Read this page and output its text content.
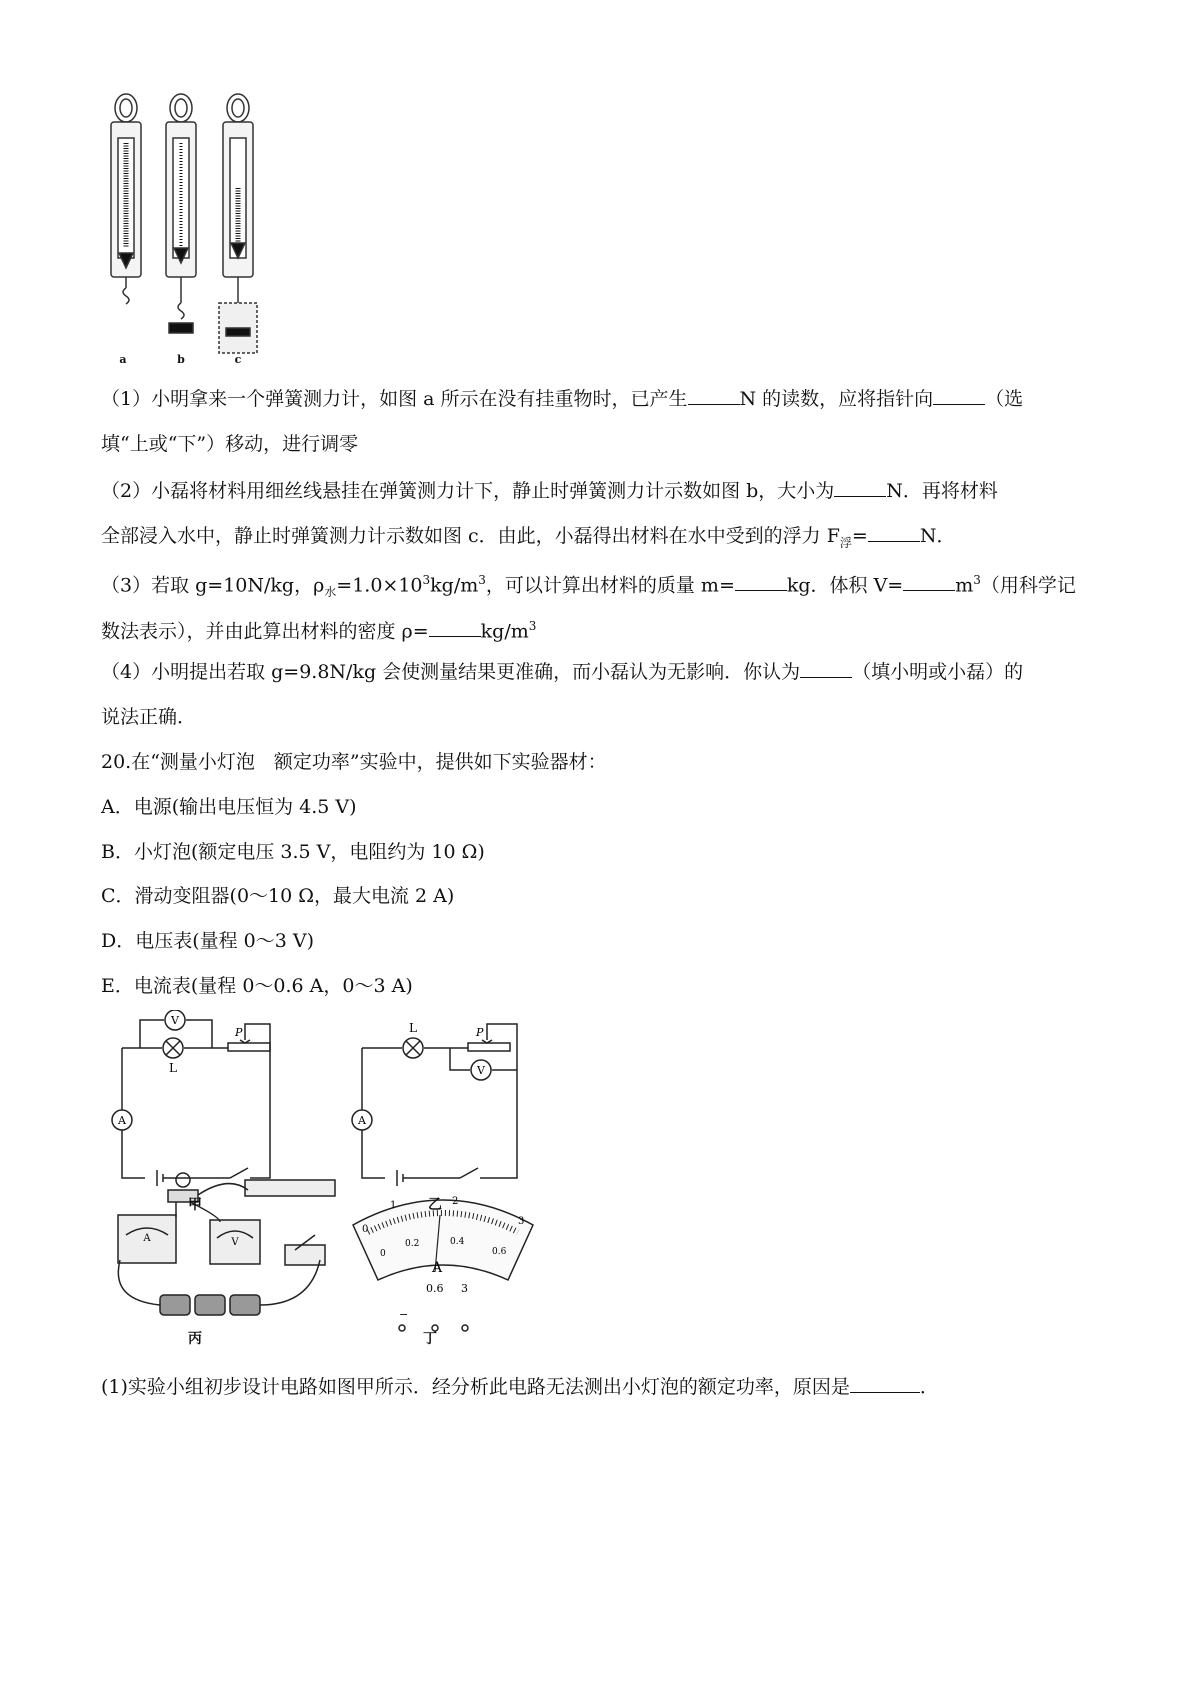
a	b	c
（1）小明拿来一个弹簧测力计，如图 a 所示在没有挂重物时，已产生	N 的读数，应将指针向	（选
填“上或“下”）移动，进行调零
（2）小磊将材料用细丝线悬挂在弹簧测力计下，静止时弹簧测力计示数如图 b，大小为	N．再将材料
全部浸入水中，静止时弹簧测力计示数如图 c．由此，小磊得出材料在水中受到的浮力 $F_浮=$	N．
（3）若取 g=10N/kg，$\rho_水=1.0\times 10^3kg/m^3$，可以计算出材料的质量 m=	kg．体积 V=	$m^3$（用科学记
数法表示），并由此算出材料的密度 ρ=	$kg/m^3$
（4）小明提出若取 g=9.8N/kg 会使测量结果更准确，而小磊认为无影响．你认为	（填小明或小磊）的
说法正确．
20.在“测量小灯泡　额定功率”实验中，提供如下实验器材：
A．电源(输出电压恒为 4.5 V)
B．小灯泡(额定电压 3.5 V，电阻约为 10 Ω)
C．滑动变阻器(0～10 Ω，最大电流 2 A)
D．电压表(量程 0～3 V)
E．电流表(量程 0～0.6 A，0～3 A)
V
L
A
P
V
L
A
P
A	V
0
1	2
3
0
0.2	0.4
0.6
A
−
0.6 3
甲	乙
丙	丁
(1)实验小组初步设计电路如图甲所示．经分析此电路无法测出小灯泡的额定功率，原因是	．
